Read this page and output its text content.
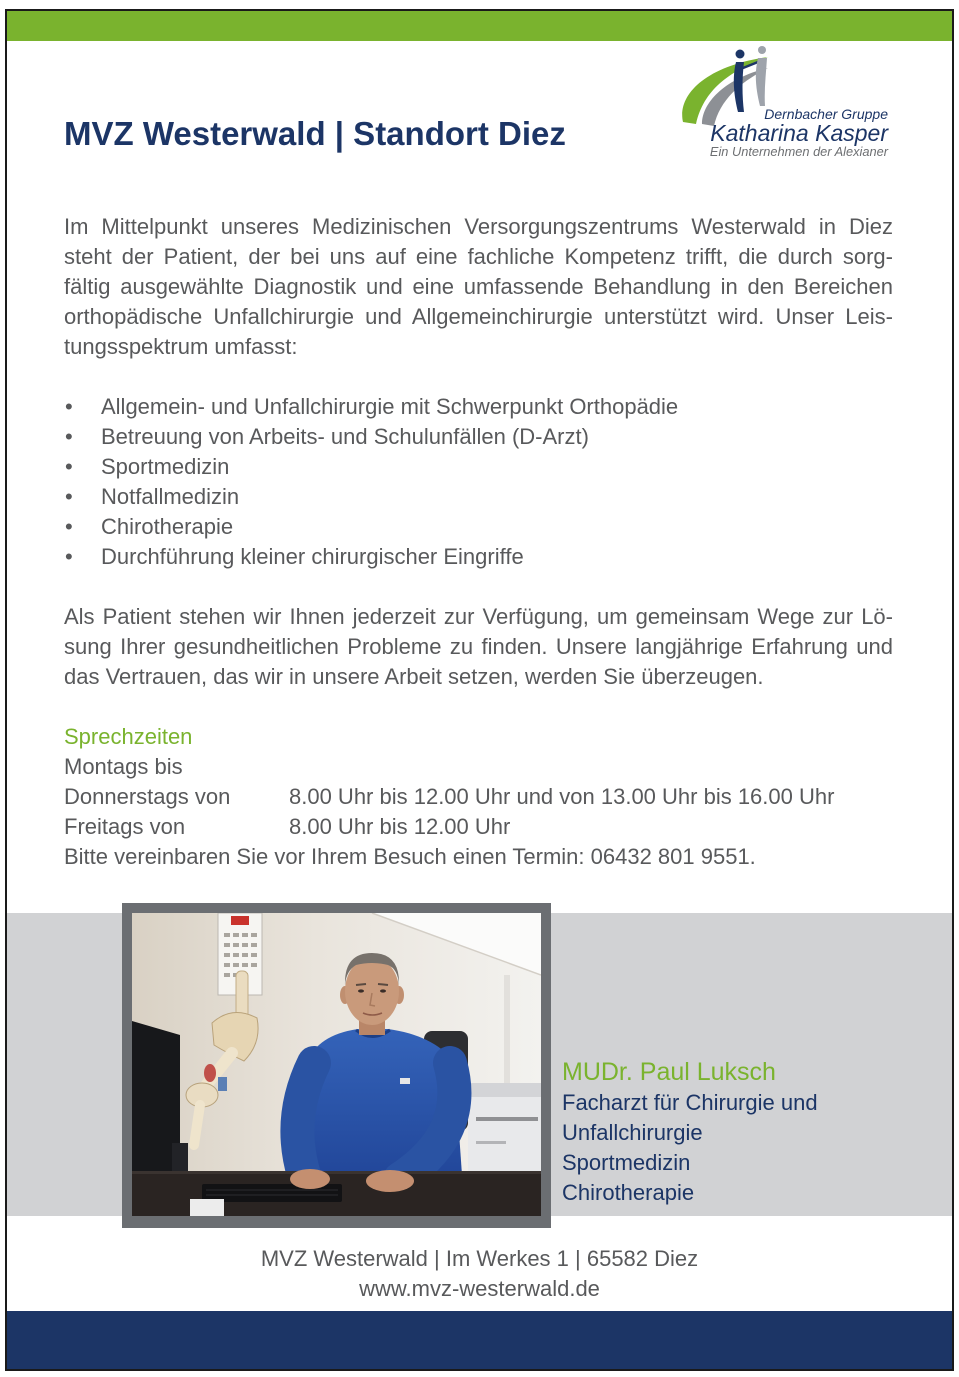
MVZ Westerwald | Standort Diez
Dernbacher Gruppe
Katharina Kasper
Ein Unternehmen der Alexianer
Im Mittelpunkt unseres Medizinischen Versorgungszentrums Westerwald in Diez
steht der Patient, der bei uns auf eine fachliche Kompetenz trifft, die durch sorg-
fältig ausgewählte Diagnostik und eine umfassende Behandlung in den Bereichen
orthopädische Unfallchirurgie und Allgemeinchirurgie unterstützt wird. Unser Leis-
tungsspektrum umfasst:
• Allgemein- und Unfallchirurgie mit Schwerpunkt Orthopädie
• Betreuung von Arbeits- und Schulunfällen (D-Arzt)
• Sportmedizin
• Notfallmedizin
• Chirotherapie
• Durchführung kleiner chirurgischer Eingriffe
Als Patient stehen wir Ihnen jederzeit zur Verfügung, um gemeinsam Wege zur Lö-
sung Ihrer gesundheitlichen Probleme zu finden. Unsere langjährige Erfahrung und
das Vertrauen, das wir in unsere Arbeit setzen, werden Sie überzeugen.
Sprechzeiten
Montags bis
Donnerstags von	8.00 Uhr bis 12.00 Uhr und von 13.00 Uhr bis 16.00 Uhr
Freitags von	8.00 Uhr bis 12.00 Uhr
Bitte vereinbaren Sie vor Ihrem Besuch einen Termin: 06432 801 9551.
MUDr. Paul Luksch
Facharzt für Chirurgie und
Unfallchirurgie
Sportmedizin
Chirotherapie
MVZ Westerwald | Im Werkes 1 | 65582 Diez
www.mvz-westerwald.de
